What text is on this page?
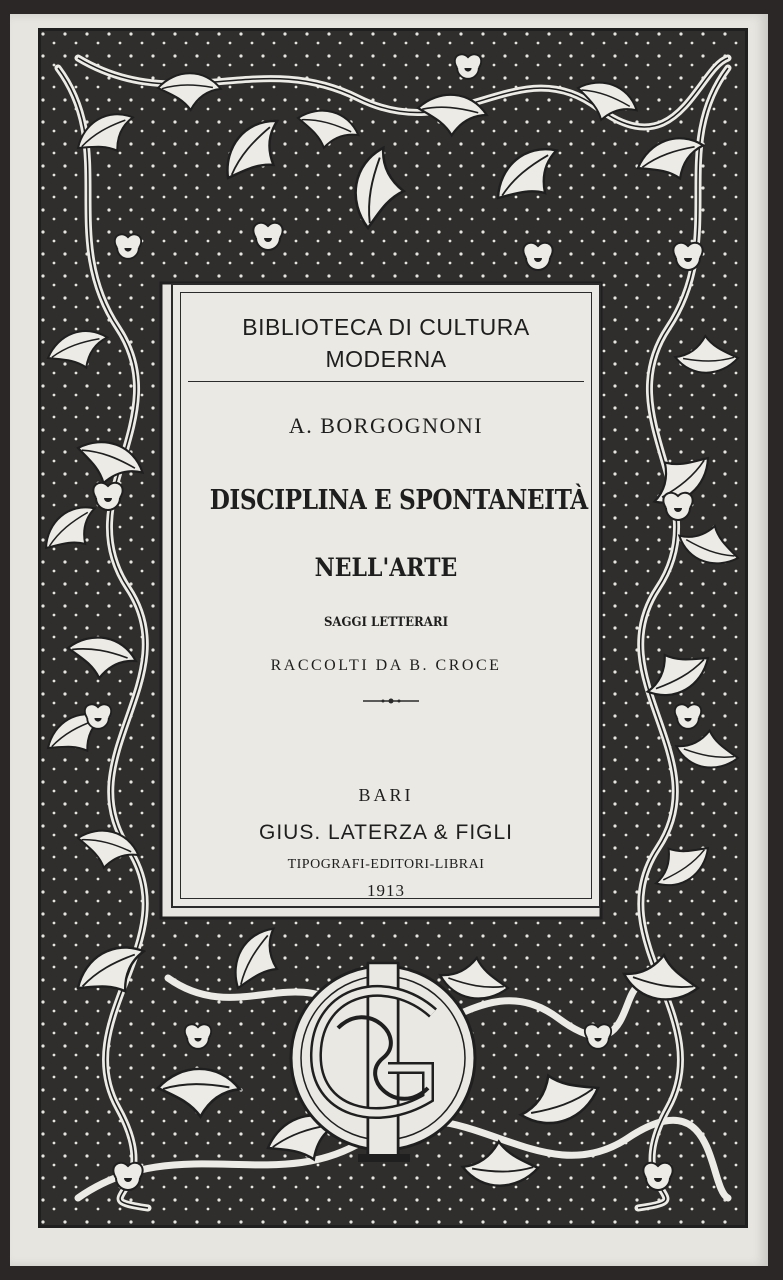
BIBLIOTECA DI CULTURA MODERNA
A. BORGOGNONI
DISCIPLINA E SPONTANEITÀ
NELL'ARTE
SAGGI LETTERARI
RACCOLTI DA B. CROCE
BARI
GIUS. LATERZA & FIGLI
TIPOGRAFI-EDITORI-LIBRAI
1913
